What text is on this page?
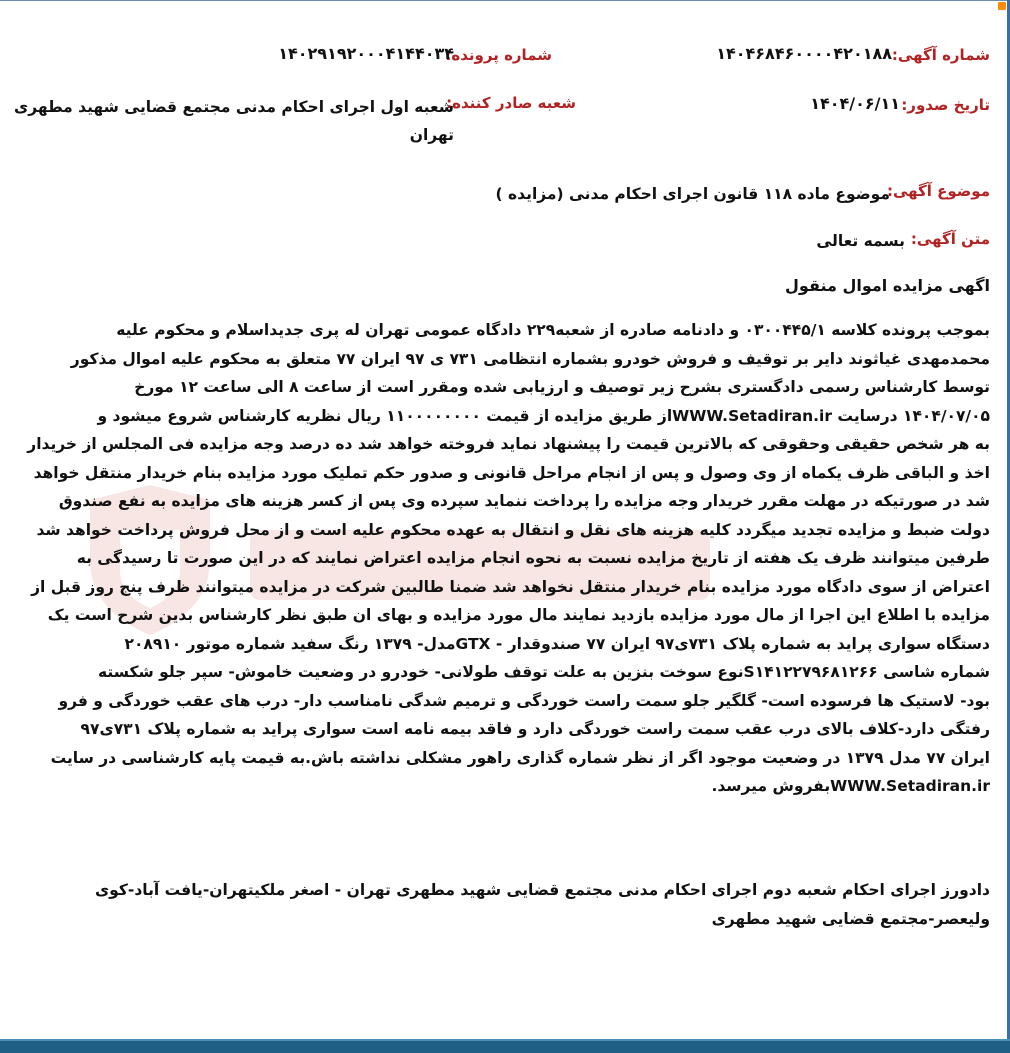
شماره آگهی:
۱۴۰۴۶۸۴۶۰۰۰۰۴۲۰۱۸۸
شماره پرونده:
۱۴۰۲۹۱۹۲۰۰۰۴۱۴۴۰۳۴
تاریخ صدور:
۱۴۰۴/۰۶/۱۱
شعبه صادر کننده:
شعبه اول اجرای احکام مدنی مجتمع قضایی شهید مطهری
تهران
موضوع آگهی:
موضوع ماده ۱۱۸ قانون اجرای احکام مدنی (مزایده )
متن آگهی:
بسمه تعالی
اگهی مزایده اموال منقول
بموجب پرونده کلاسه ۰۳۰۰۴۴۵/۱ و دادنامه صادره از شعبه۲۲۹ دادگاه عمومی تهران له پری جدیداسلام و محکوم علیه
محمدمهدی غیاثوند دایر بر توقیف و فروش خودرو بشماره انتظامی ۷۳۱ ی ۹۷ ایران ۷۷ متعلق به محکوم علیه اموال مذکور
توسط کارشناس رسمی دادگستری بشرح زیر توصیف و ارزیابی شده ومقرر است از ساعت ۸ الی ساعت ۱۲ مورخ
۱۴۰۴/۰۷/۰۵ درسایت WWW.Setadiran.irاز طریق مزایده از قیمت ۱۱۰۰۰۰۰۰۰۰ ریال نظریه کارشناس شروع میشود و
به هر شخص حقیقی وحقوقی که بالاترین قیمت را پیشنهاد نماید فروخته خواهد شد ده درصد وجه مزایده فی المجلس از خریدار
اخذ و الباقی ظرف یکماه از وی وصول و پس از انجام مراحل قانونی و صدور حکم تملیک مورد مزایده بنام خریدار منتقل خواهد
شد در صورتیکه در مهلت مقرر خریدار وجه مزایده را پرداخت ننماید سپرده وی پس از کسر هزینه های مزایده به نفع صندوق
دولت ضبط و مزایده تجدید میگردد کلیه هزینه های نقل و انتقال به عهده محکوم علیه است و از محل فروش پرداخت خواهد شد
طرفین میتوانند ظرف یک هفته از تاریخ مزایده نسبت به نحوه انجام مزایده اعتراض نمایند که در این صورت تا رسیدگی به
اعتراض از سوی دادگاه مورد مزایده بنام خریدار منتقل نخواهد شد ضمنا طالبین شرکت در مزایده میتوانند ظرف پنج روز قبل از
مزایده با اطلاع این اجرا از مال مورد مزایده بازدید نمایند مال مورد مزایده و بهای ان طبق نظر کارشناس بدین شرح است یک
دستگاه سواری پراید به شماره پلاک ۷۳۱ی۹۷ ایران ۷۷ صندوقدار - GTXمدل- ۱۳۷۹ رنگ سفید شماره موتور ۲۰۸۹۱۰
شماره شاسی S۱۴۱۲۲۷۹۶۸۱۲۶۶نوع سوخت بنزین به علت توقف طولانی- خودرو در وضعیت خاموش- سپر جلو شکسته
بود- لاستیک ها فرسوده است- گلگیر جلو سمت راست خوردگی و ترمیم شدگی نامناسب دار- درب های عقب خوردگی و فرو
رفتگی دارد-کلاف بالای درب عقب سمت راست خوردگی دارد و فاقد بیمه نامه است سواری پراید به شماره پلاک ۷۳۱ی۹۷
ایران ۷۷ مدل ۱۳۷۹ در وضعیت موجود اگر از نظر شماره گذاری راهور مشکلی نداشته باش.به قیمت پایه کارشناسی در سایت
WWW.Setadiran.irبفروش میرسد.
دادورز اجرای احکام شعبه دوم اجرای احکام مدنی مجتمع قضایی شهید مطهری تهران - اصغر ملکیتهران-یافت آباد-کوی
ولیعصر-مجتمع قضایی شهید مطهری
